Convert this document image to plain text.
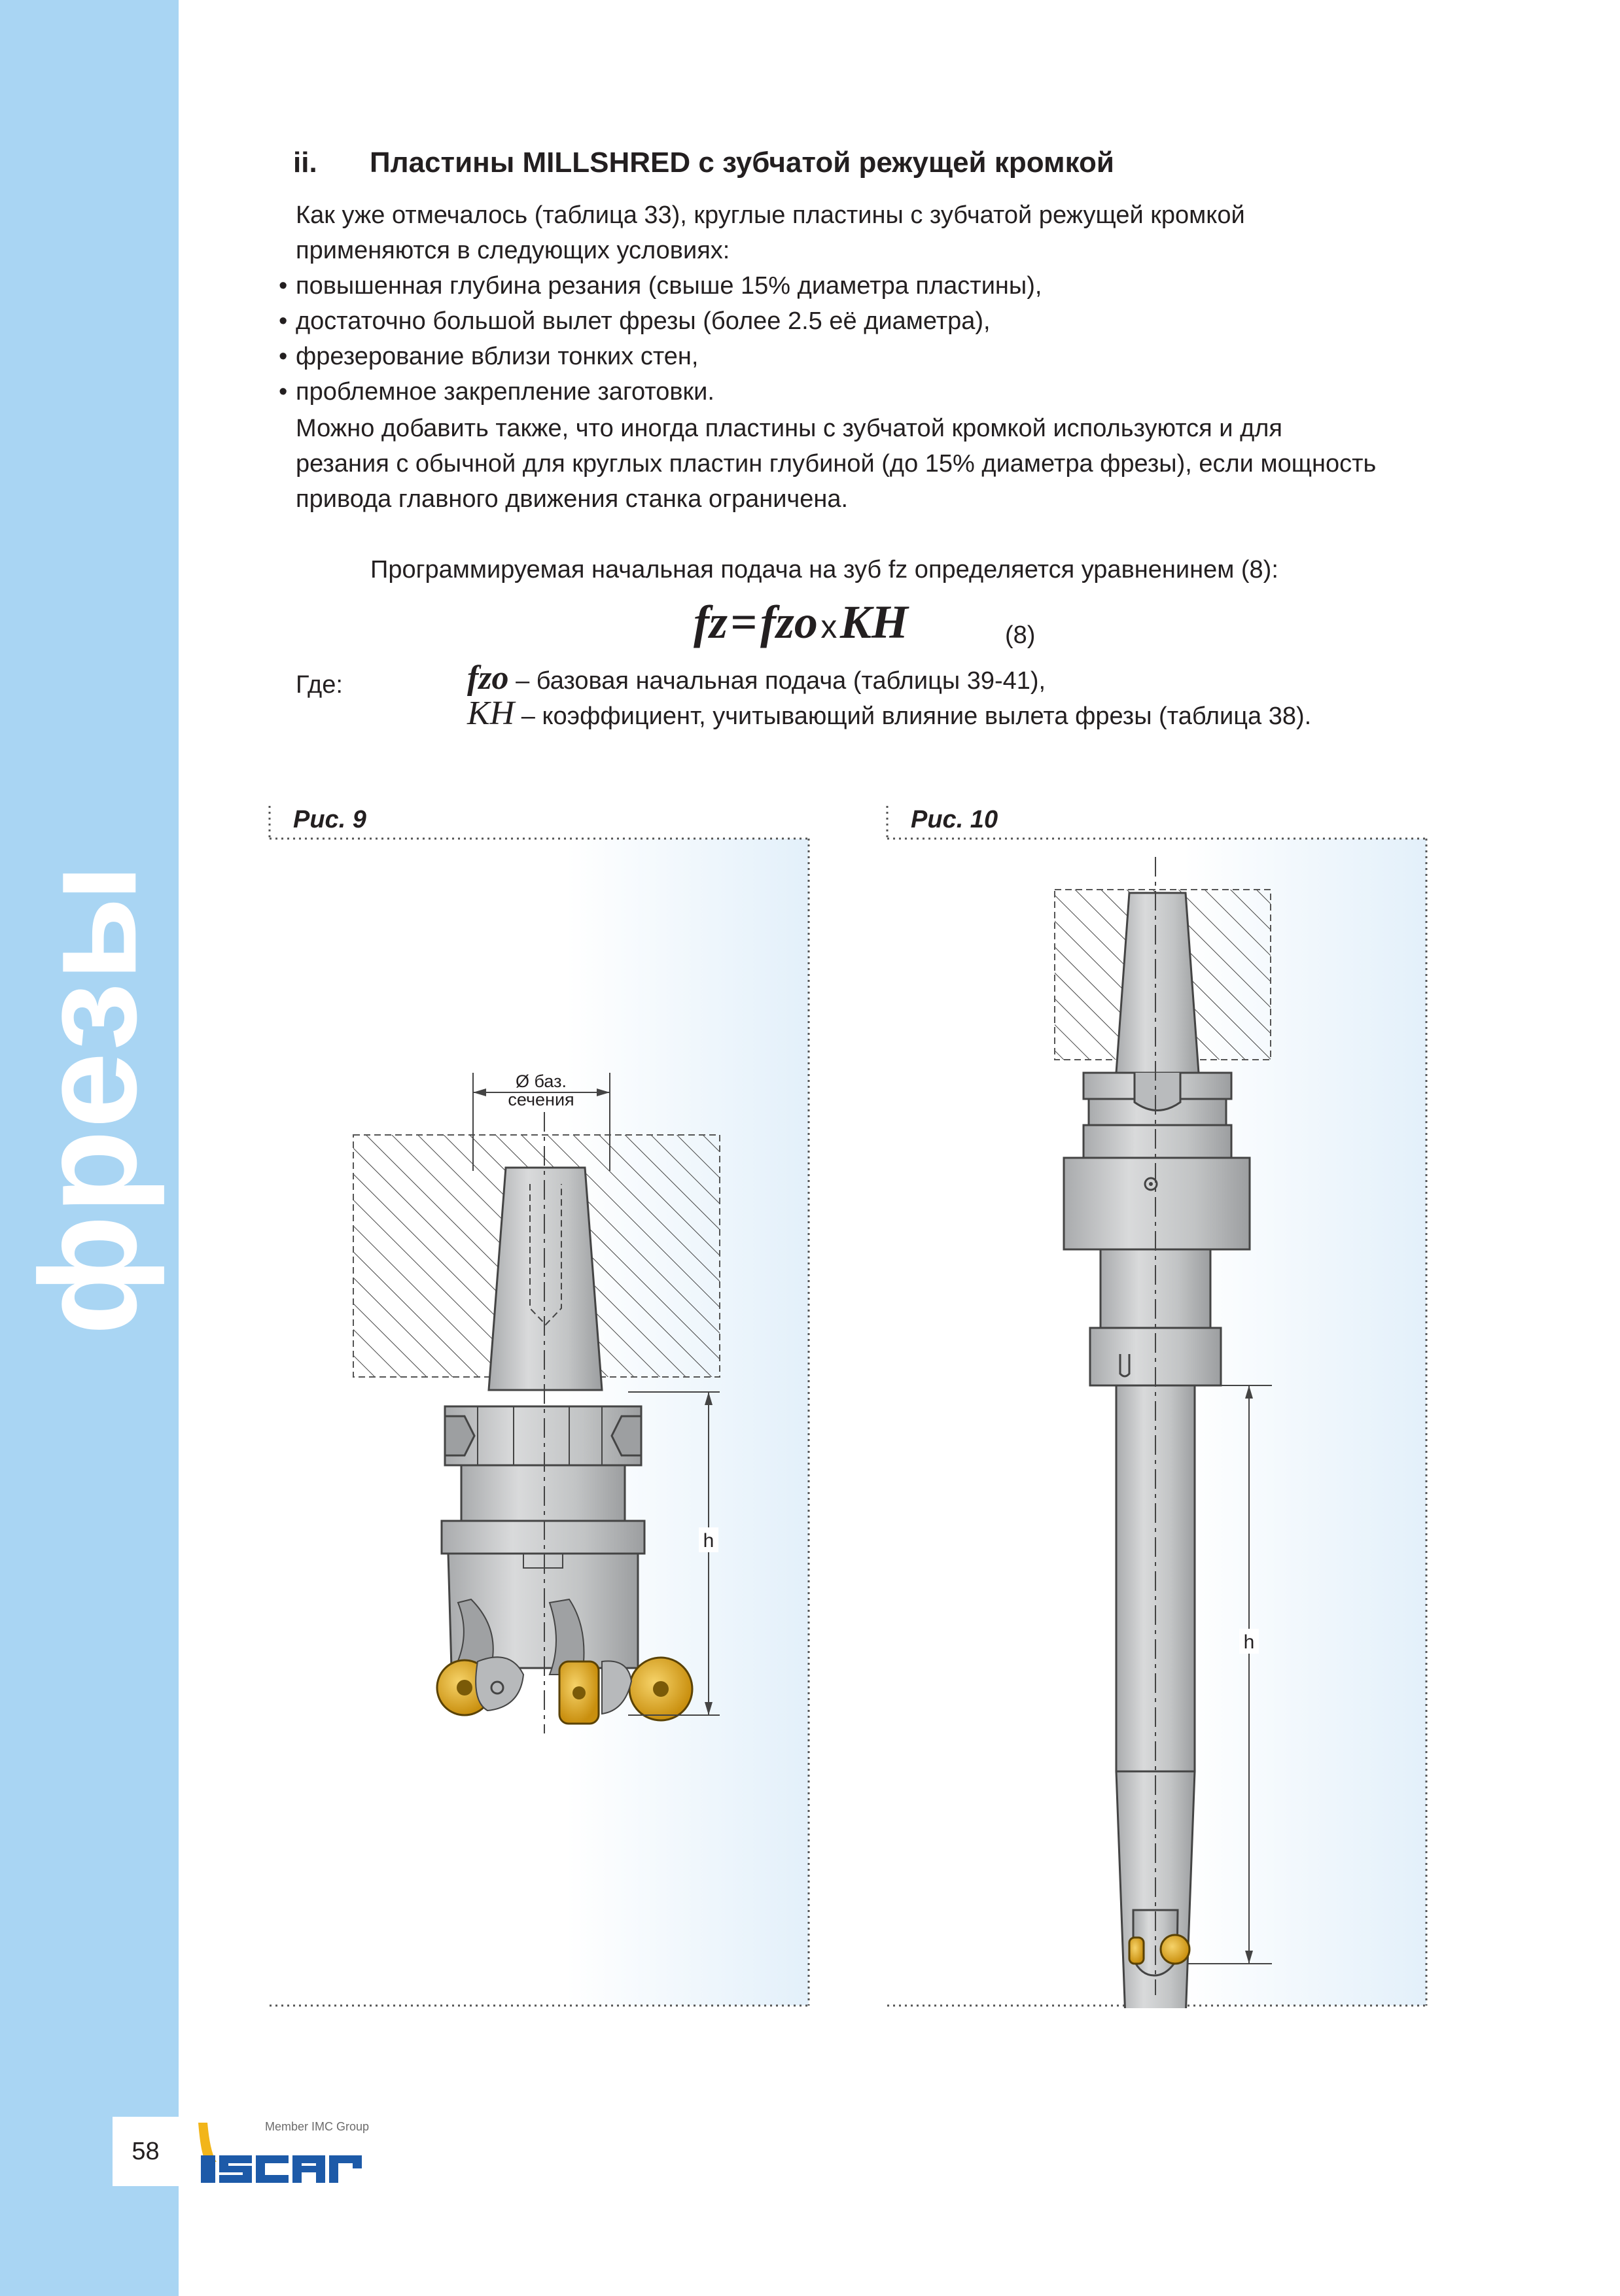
фрезы
ii. Пластины MILLSHRED с зубчатой режущей кромкой
Как уже отмечалось (таблица 33), круглые пластины с зубчатой режущей кромкой
применяются в следующих условиях:
• повышенная глубина резания (свыше 15% диаметра пластины),
• достаточно большой вылет фрезы (более 2.5 её диаметра),
• фрезерование вблизи тонких стен,
• проблемное закрепление заготовки.
Можно добавить также, что иногда пластины с зубчатой кромкой используются и для
резания с обычной для круглых пластин глубиной (до 15% диаметра фрезы), если мощность
привода главного движения станка ограничена.
Программируемая начальная подача на зуб fz определяется уравненинем (8):
fz = fzo x KH	(8)
Где:	fzo – базовая начальная подача (таблицы 39-41),
KH – коэффициент, учитывающий влияние вылета фрезы (таблица 38).
Рис. 9	Рис. 10
Ø баз.
сечения
h
h
58
Member IMC Group
